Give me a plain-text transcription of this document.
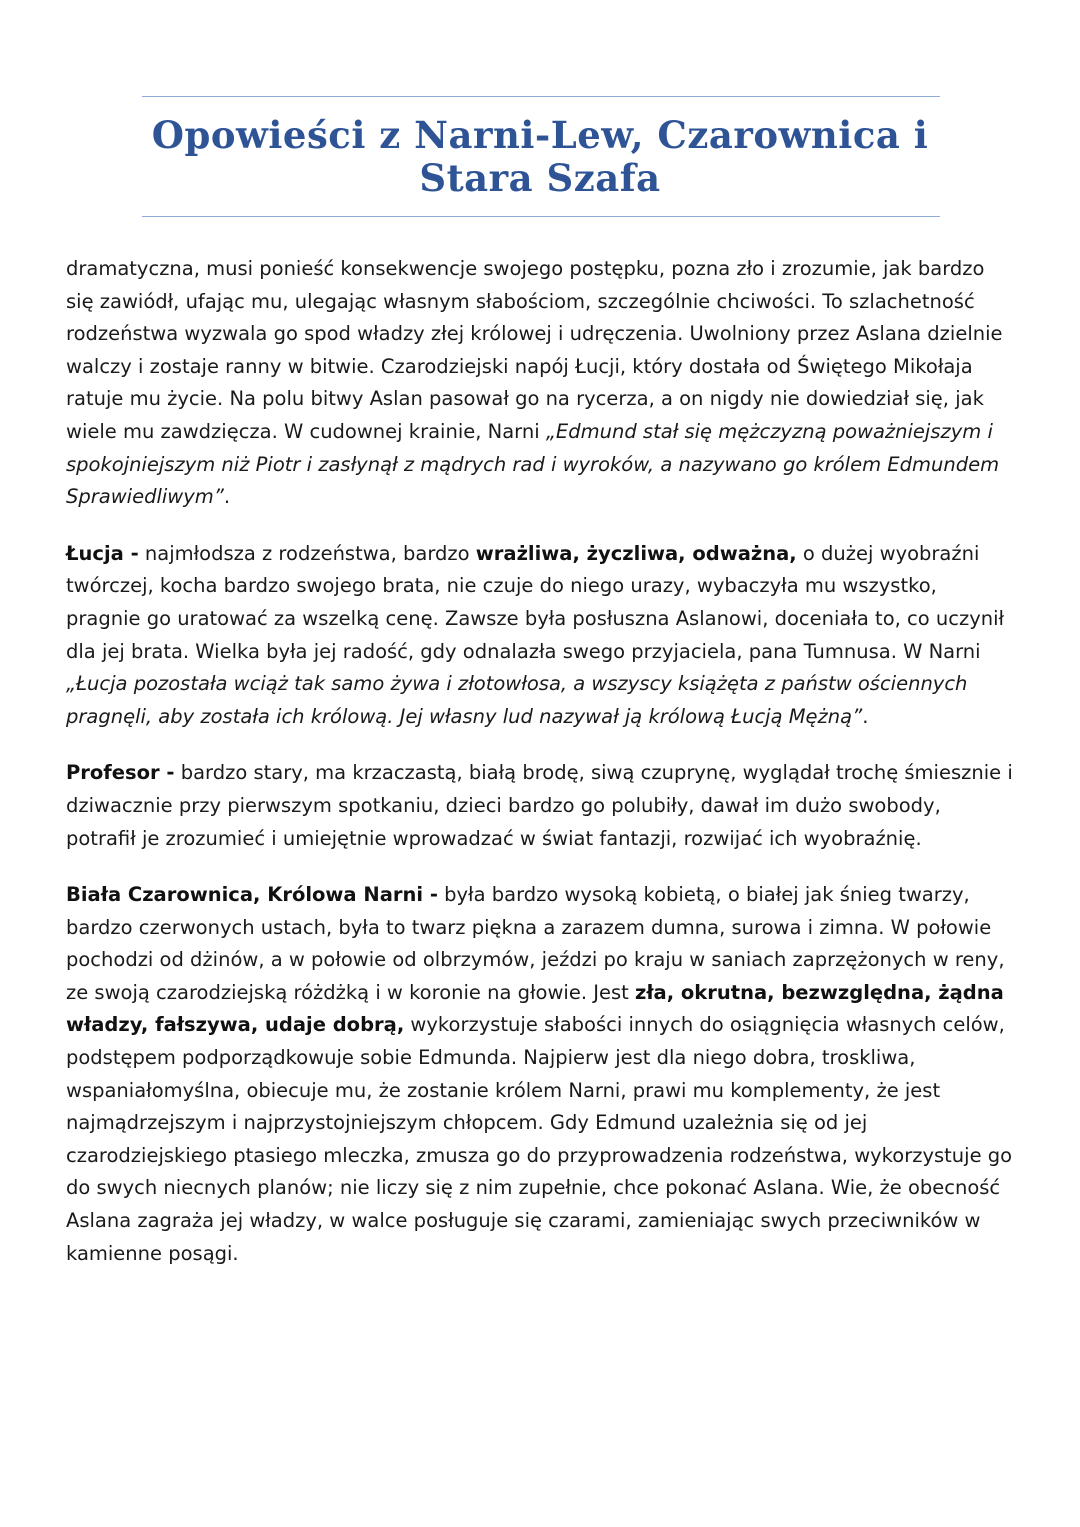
Opowieści z Narni-Lew, Czarownica i
Stara Szafa

dramatyczna, musi ponieść konsekwencje swojego postępku, pozna zło i zrozumie, jak bardzo się zawiódł, ufając mu, ulegając własnym słabościom, szczególnie chciwości. To szlachetność rodzeństwa wyzwala go spod władzy złej królowej i udręczenia. Uwolniony przez Aslana dzielnie walczy i zostaje ranny w bitwie. Czarodziejski napój Łucji, który dostała od Świętego Mikołaja ratuje mu życie. Na polu bitwy Aslan pasował go na rycerza, a on nigdy nie dowiedział się, jak wiele mu zawdzięcza. W cudownej krainie, Narni „Edmund stał się mężczyzną poważniejszym i spokojniejszym niż Piotr i zasłynął z mądrych rad i wyroków, a nazywano go królem Edmundem Sprawiedliwym”.

Łucja - najmłodsza z rodzeństwa, bardzo wrażliwa, życzliwa, odważna, o dużej wyobraźni twórczej, kocha bardzo swojego brata, nie czuje do niego urazy, wybaczyła mu wszystko, pragnie go uratować za wszelką cenę. Zawsze była posłuszna Aslanowi, doceniała to, co uczynił dla jej brata. Wielka była jej radość, gdy odnalazła swego przyjaciela, pana Tumnusa. W Narni „Łucja pozostała wciąż tak samo żywa i złotowłosa, a wszyscy książęta z państw ościennych pragnęli, aby została ich królową. Jej własny lud nazywał ją królową Łucją Mężną”.

Profesor - bardzo stary, ma krzaczastą, białą brodę, siwą czuprynę, wyglądał trochę śmiesznie i dziwacznie przy pierwszym spotkaniu, dzieci bardzo go polubiły, dawał im dużo swobody, potrafił je zrozumieć i umiejętnie wprowadzać w świat fantazji, rozwijać ich wyobraźnię.

Biała Czarownica, Królowa Narni - była bardzo wysoką kobietą, o białej jak śnieg twarzy, bardzo czerwonych ustach, była to twarz piękna a zarazem dumna, surowa i zimna. W połowie pochodzi od dżinów, a w połowie od olbrzymów, jeździ po kraju w saniach zaprzężonych w reny, ze swoją czarodziejską różdżką i w koronie na głowie. Jest zła, okrutna, bezwzględna, żądna władzy, fałszywa, udaje dobrą, wykorzystuje słabości innych do osiągnięcia własnych celów, podstępem podporządkowuje sobie Edmunda. Najpierw jest dla niego dobra, troskliwa, wspaniałomyślna, obiecuje mu, że zostanie królem Narni, prawi mu komplementy, że jest najmądrzejszym i najprzystojniejszym chłopcem. Gdy Edmund uzależnia się od jej czarodziejskiego ptasiego mleczka, zmusza go do przyprowadzenia rodzeństwa, wykorzystuje go do swych niecnych planów; nie liczy się z nim zupełnie, chce pokonać Aslana. Wie, że obecność Aslana zagraża jej władzy, w walce posługuje się czarami, zamieniając swych przeciwników w kamienne posągi.
